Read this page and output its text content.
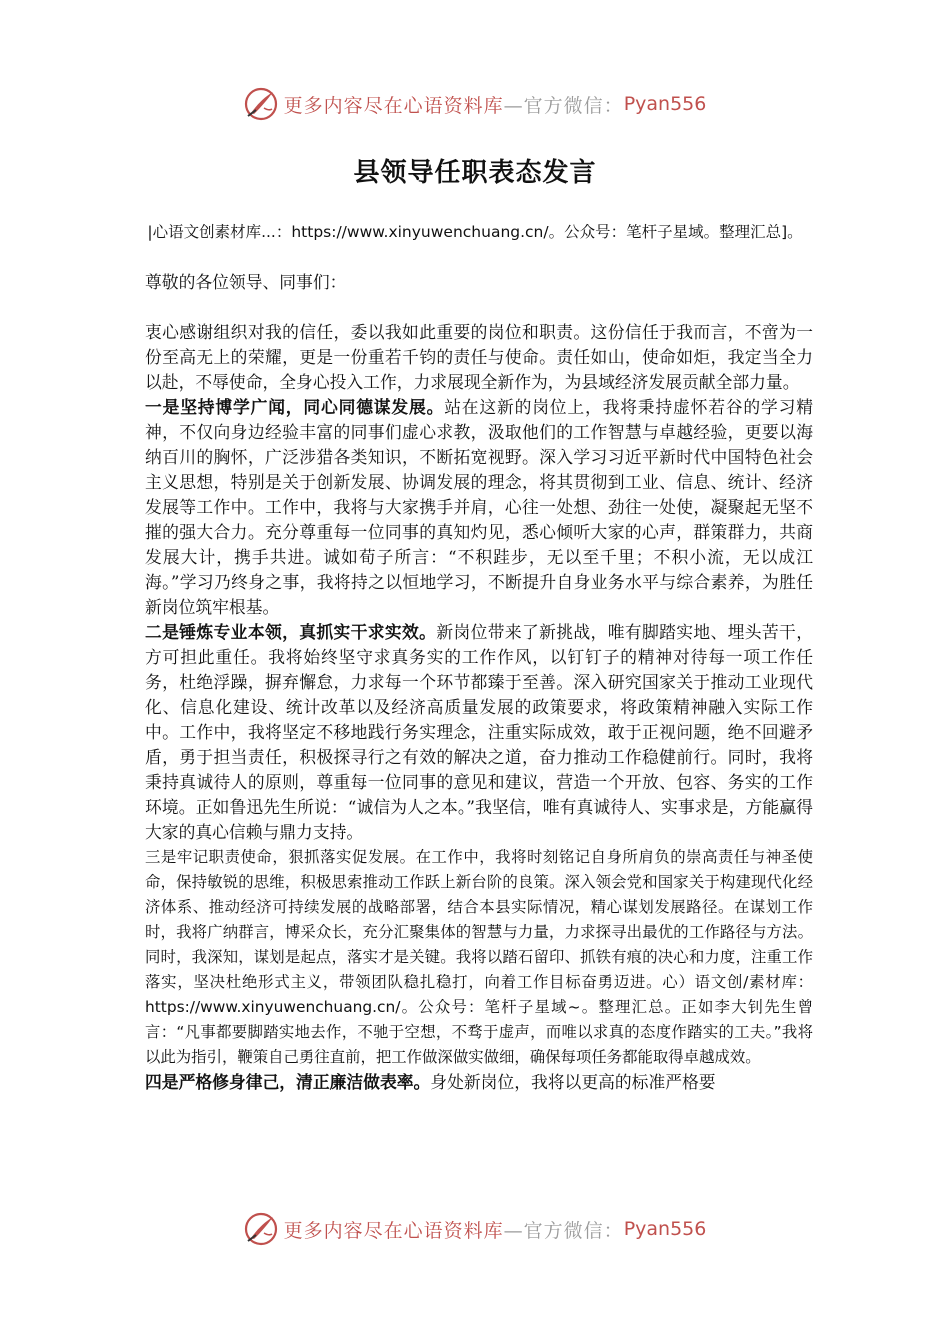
更多内容尽在心语资料库 —官方微信： Pyan556
县领导任职表态发言
|心语文创素材库...：https://www.xinyuwenchuang.cn/。公众号：笔杆子星域。整理汇总]。

尊敬的各位领导、同事们：

衷心感谢组织对我的信任，委以我如此重要的岗位和职责。这份信任于我而言，不啻为一份至高无上的荣耀，更是一份重若千钧的责任与使命。责任如山，使命如炬，我定当全力以赴，不辱使命，全身心投入工作，力求展现全新作为，为县域经济发展贡献全部力量。

一是坚持博学广闻，同心同德谋发展。站在这新的岗位上，我将秉持虚怀若谷的学习精神，不仅向身边经验丰富的同事们虚心求教，汲取他们的工作智慧与卓越经验，更要以海纳百川的胸怀，广泛涉猎各类知识，不断拓宽视野。深入学习习近平新时代中国特色社会主义思想，特别是关于创新发展、协调发展的理念，将其贯彻到工业、信息、统计、经济发展等工作中。工作中，我将与大家携手并肩，心往一处想、劲往一处使，凝聚起无坚不摧的强大合力。充分尊重每一位同事的真知灼见，悉心倾听大家的心声，群策群力，共商发展大计，携手共进。诚如荀子所言：“不积跬步，无以至千里；不积小流，无以成江海。”学习乃终身之事，我将持之以恒地学习，不断提升自身业务水平与综合素养，为胜任新岗位筑牢根基。

二是锤炼专业本领，真抓实干求实效。新岗位带来了新挑战，唯有脚踏实地、埋头苦干，方可担此重任。我将始终坚守求真务实的工作作风，以钉钉子的精神对待每一项工作任务，杜绝浮躁，摒弃懈怠，力求每一个环节都臻于至善。深入研究国家关于推动工业现代化、信息化建设、统计改革以及经济高质量发展的政策要求，将政策精神融入实际工作中。工作中，我将坚定不移地践行务实理念，注重实际成效，敢于正视问题，绝不回避矛盾，勇于担当责任，积极探寻行之有效的解决之道，奋力推动工作稳健前行。同时，我将秉持真诚待人的原则，尊重每一位同事的意见和建议，营造一个开放、包容、务实的工作环境。正如鲁迅先生所说：“诚信为人之本。”我坚信，唯有真诚待人、实事求是，方能赢得大家的真心信赖与鼎力支持。

三是牢记职责使命，狠抓落实促发展。在工作中，我将时刻铭记自身所肩负的崇高责任与神圣使命，保持敏锐的思维，积极思索推动工作跃上新台阶的良策。深入领会党和国家关于构建现代化经济体系、推动经济可持续发展的战略部署，结合本县实际情况，精心谋划发展路径。在谋划工作时，我将广纳群言，博采众长，充分汇聚集体的智慧与力量，力求探寻出最优的工作路径与方法。同时，我深知，谋划是起点，落实才是关键。我将以踏石留印、抓铁有痕的决心和力度，注重工作落实，坚决杜绝形式主义，带领团队稳扎稳打，向着工作目标奋勇迈进。心）语文创/素材库：https://www.xinyuwenchuang.cn/。公众号：笔杆子星域~。整理汇总。正如李大钊先生曾言：“凡事都要脚踏实地去作，不驰于空想，不骛于虚声，而唯以求真的态度作踏实的工夫。”我将以此为指引，鞭策自己勇往直前，把工作做深做实做细，确保每项任务都能取得卓越成效。

四是严格修身律己，清正廉洁做表率。身处新岗位，我将以更高的标准严格要

更多内容尽在心语资料库 —官方微信： Pyan556
